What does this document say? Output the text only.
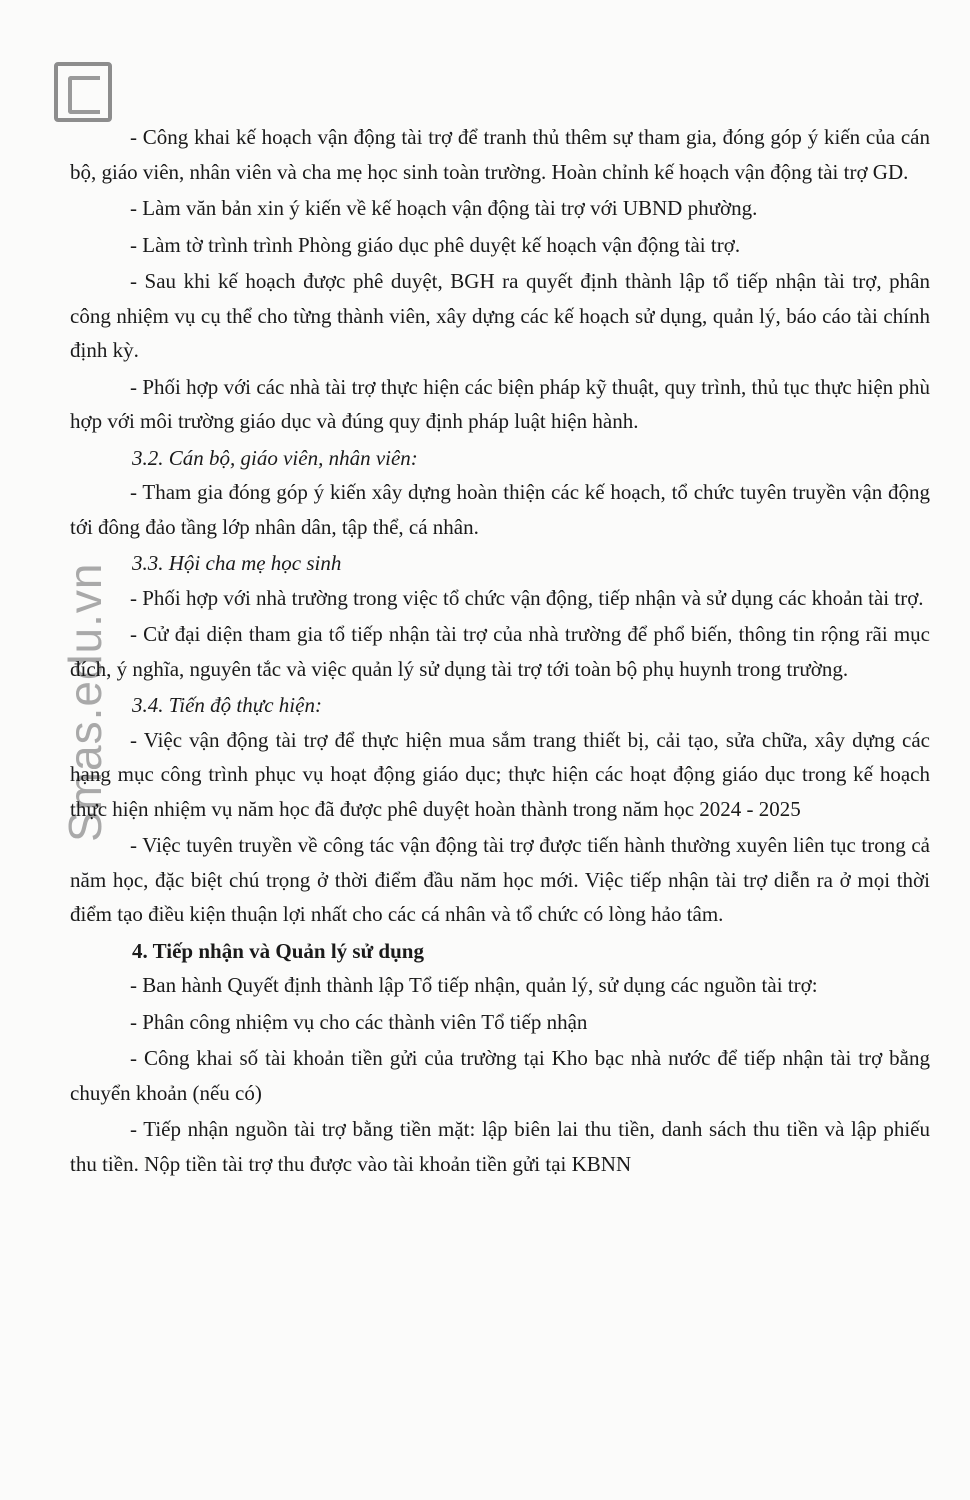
Smas.edu.vn

- Công khai kế hoạch vận động tài trợ để tranh thủ thêm sự tham gia, đóng góp ý kiến của cán bộ, giáo viên, nhân viên và cha mẹ học sinh toàn trường. Hoàn chỉnh kế hoạch vận động tài trợ GD.

- Làm văn bản xin ý kiến về kế hoạch vận động tài trợ với UBND phường.

- Làm tờ trình trình Phòng giáo dục phê duyệt kế hoạch vận động tài trợ.

- Sau khi kế hoạch được phê duyệt, BGH ra quyết định thành lập tổ tiếp nhận tài trợ, phân công nhiệm vụ cụ thể cho từng thành viên, xây dựng các kế hoạch sử dụng, quản lý, báo cáo tài chính định kỳ.

- Phối hợp với các nhà tài trợ thực hiện các biện pháp kỹ thuật, quy trình, thủ tục thực hiện phù hợp với môi trường giáo dục và đúng quy định pháp luật hiện hành.

3.2. Cán bộ, giáo viên, nhân viên:

- Tham gia đóng góp ý kiến xây dựng hoàn thiện các kế hoạch, tổ chức tuyên truyền vận động tới đông đảo tầng lớp nhân dân, tập thể, cá nhân.

3.3. Hội cha mẹ học sinh

- Phối hợp với nhà trường trong việc tổ chức vận động, tiếp nhận và sử dụng các khoản tài trợ.

- Cử đại diện tham gia tổ tiếp nhận tài trợ của nhà trường để phổ biến, thông tin rộng rãi mục đích, ý nghĩa, nguyên tắc và việc quản lý sử dụng tài trợ tới toàn bộ phụ huynh trong trường.

3.4. Tiến độ thực hiện:

- Việc vận động tài trợ để thực hiện mua sắm trang thiết bị, cải tạo, sửa chữa, xây dựng các hạng mục công trình phục vụ hoạt động giáo dục; thực hiện các hoạt động giáo dục trong kế hoạch thực hiện nhiệm vụ năm học đã được phê duyệt hoàn thành trong năm học 2024 - 2025

- Việc tuyên truyền về công tác vận động tài trợ được tiến hành thường xuyên liên tục trong cả năm học, đặc biệt chú trọng ở thời điểm đầu năm học mới. Việc tiếp nhận tài trợ diễn ra ở mọi thời điểm tạo điều kiện thuận lợi nhất cho các cá nhân và tổ chức có lòng hảo tâm.

4. Tiếp nhận và Quản lý sử dụng

- Ban hành Quyết định thành lập Tổ tiếp nhận, quản lý, sử dụng các nguồn tài trợ:

- Phân công nhiệm vụ cho các thành viên Tổ tiếp nhận

- Công khai số tài khoản tiền gửi của trường tại Kho bạc nhà nước để tiếp nhận tài trợ bằng chuyển khoản (nếu có)

- Tiếp nhận nguồn tài trợ bằng tiền mặt: lập biên lai thu tiền, danh sách thu tiền và lập phiếu thu tiền. Nộp tiền tài trợ thu được vào tài khoản tiền gửi tại KBNN
